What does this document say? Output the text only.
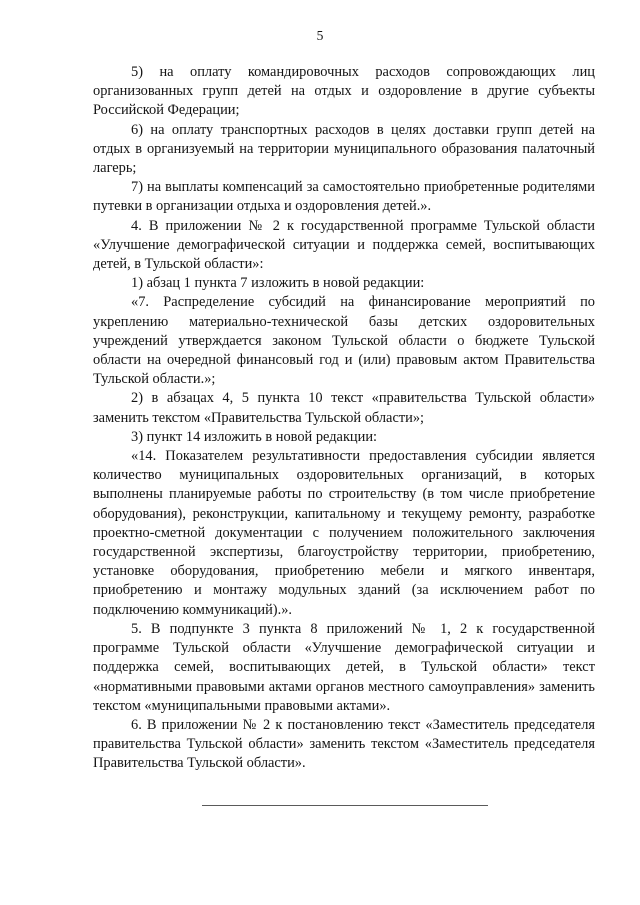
5

5) на оплату командировочных расходов сопровождающих лиц организованных групп детей на отдых и оздоровление в другие субъекты Российской Федерации;

6) на оплату транспортных расходов в целях доставки групп детей на отдых в организуемый на территории муниципального образования палаточный лагерь;

7) на выплаты компенсаций за самостоятельно приобретенные родителями путевки в организации отдыха и оздоровления детей.».

4. В приложении № 2 к государственной программе Тульской области «Улучшение демографической ситуации и поддержка семей, воспитывающих детей, в Тульской области»:

1) абзац 1 пункта 7 изложить в новой редакции:

«7. Распределение субсидий на финансирование мероприятий по укреплению материально-технической базы детских оздоровительных учреждений утверждается законом Тульской области о бюджете Тульской области на очередной финансовый год и (или) правовым актом Правительства Тульской области.»;

2) в абзацах 4, 5 пункта 10 текст «правительства Тульской области» заменить текстом «Правительства Тульской области»;

3) пункт 14 изложить в новой редакции:

«14. Показателем результативности предоставления субсидии является количество муниципальных оздоровительных организаций, в которых выполнены планируемые работы по строительству (в том числе приобретение оборудования), реконструкции, капитальному и текущему ремонту, разработке проектно-сметной документации с получением положительного заключения государственной экспертизы, благоустройству территории, приобретению, установке оборудования, приобретению мебели и мягкого инвентаря, приобретению и монтажу модульных зданий (за исключением работ по подключению коммуникаций).».

5. В подпункте 3 пункта 8 приложений № 1, 2 к государственной программе Тульской области «Улучшение демографической ситуации и поддержка семей, воспитывающих детей, в Тульской области» текст «нормативными правовыми актами органов местного самоуправления» заменить текстом «муниципальными правовыми актами».

6. В приложении № 2 к постановлению текст «Заместитель председателя правительства Тульской области» заменить текстом «Заместитель председателя Правительства Тульской области».
